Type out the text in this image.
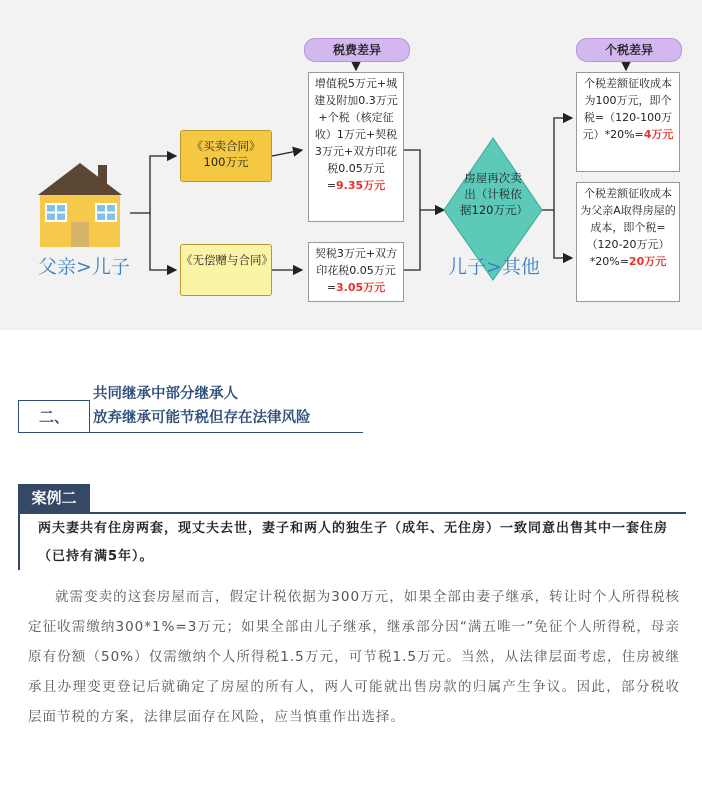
父亲>儿子
税费差异	个税差异
《买卖合同》100万元
《无偿赠与合同》
增值税5万元+城建及附加0.3万元+个税（核定征收）1万元+契税3万元+双方印花税0.05万元=9.35万元
契税3万元+双方印花税0.05万元=3.05万元
房屋再次卖出（计税依据120万元）
儿子>其他
个税差额征收成本为100万元，即个税=（120-100万元）*20%=4万元
个税差额征收成本为父亲A取得房屋的成本，即个税=（120-20万元）*20%=20万元
共同继承中部分继承人
放弃继承可能节税但存在法律风险
二、
案例二
两夫妻共有住房两套，现丈夫去世，妻子和两人的独生子（成年、无住房）一致同意出售其中一套住房（已持有满5年）。
就需变卖的这套房屋而言，假定计税依据为300万元，如果全部由妻子继承，转让时个人所得税核定征收需缴纳300*1%=3万元；如果全部由儿子继承，继承部分因“满五唯一”免征个人所得税，母亲原有份额（50%）仅需缴纳个人所得税1.5万元，可节税1.5万元。当然，从法律层面考虑，住房被继承且办理变更登记后就确定了房屋的所有人，两人可能就出售房款的归属产生争议。因此，部分税收层面节税的方案，法律层面存在风险，应当慎重作出选择。
